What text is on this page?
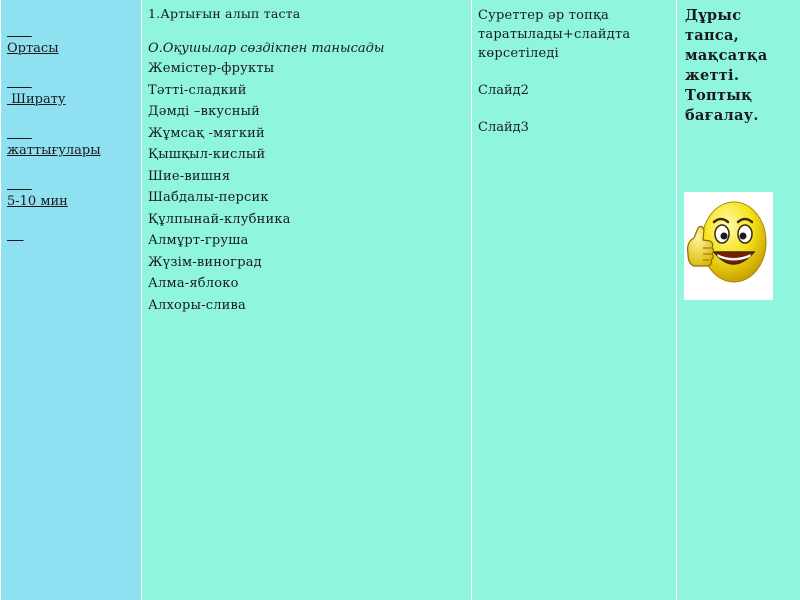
Ортасы

Ширату

жаттығулары

5-10 мин

1.Артығын алып таста
О.Оқушылар сөздікпен танысады
Жемістер-фрукты
Тәтті-сладкий
Дәмді –вкусный
Жұмсақ -мягкий
Қышқыл-кислый
Шие-вишня
Шабдалы-персик
Құлпынай-клубника
Алмұрт-груша
Жүзім-виноград
Алма-яблоко
Алхоры-слива
Суреттер әр топқа
таратылады+слайдта
көрсетіледі
Слайд2
Слайд3
Дұрыс
тапса,
мақсатқа
жетті.
Топтық
бағалау.
